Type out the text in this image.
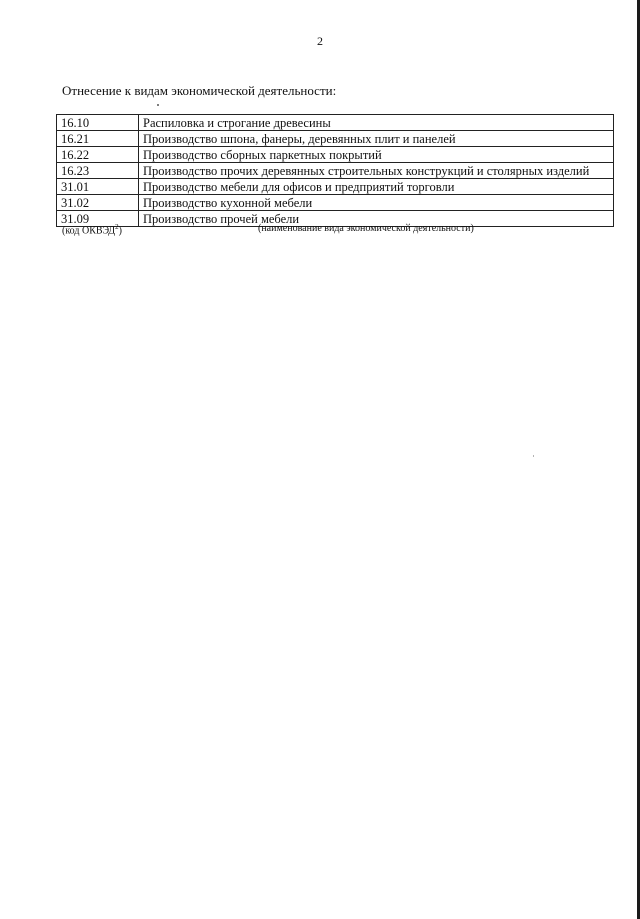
2
Отнесение к видам экономической деятельности:
16.10	Распиловка и строгание древесины
16.21	Производство шпона, фанеры, деревянных плит и панелей
16.22	Производство сборных паркетных покрытий
16.23	Производство прочих деревянных строительных конструкций и столярных изделий
31.01	Производство мебели для офисов и предприятий торговли
31.02	Производство кухонной мебели
31.09	Производство прочей мебели
(код ОКВЭД$^2$)	(наименование вида экономической деятельности)
